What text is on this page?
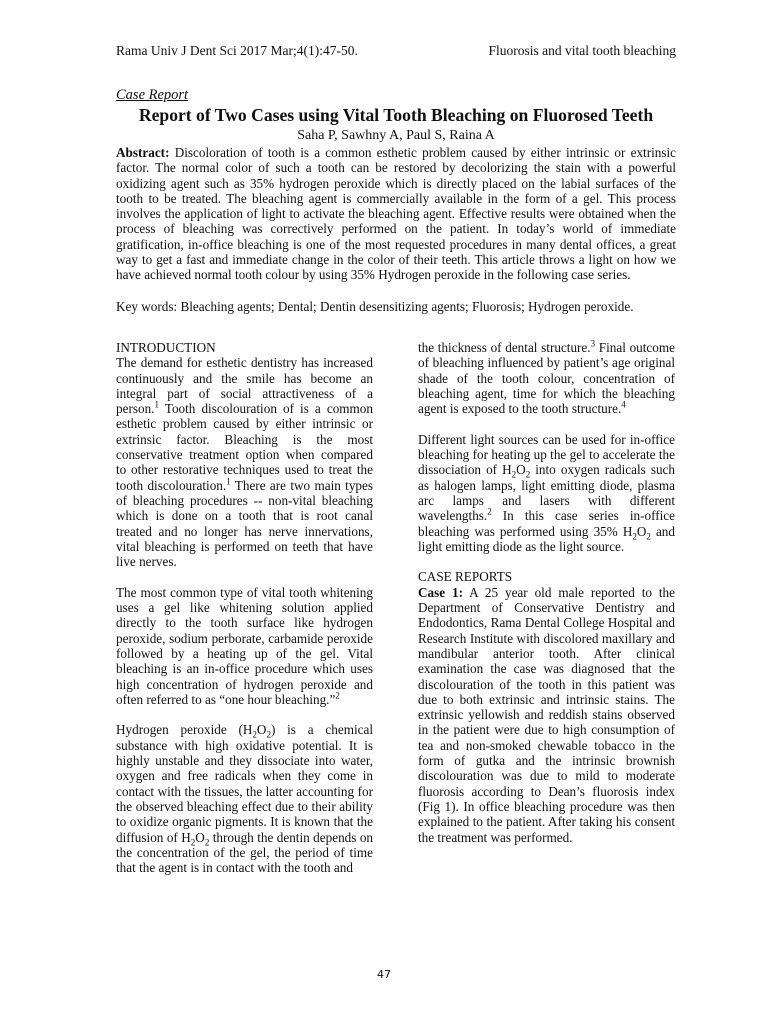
Rama Univ J Dent Sci 2017 Mar;4(1):47-50.	Fluorosis and vital tooth bleaching
Case Report
Report of Two Cases using Vital Tooth Bleaching on Fluorosed Teeth
Saha P, Sawhny A, Paul S, Raina A
Abstract: Discoloration of tooth is a common esthetic problem caused by either intrinsic or extrinsic factor. The normal color of such a tooth can be restored by decolorizing the stain with a powerful oxidizing agent such as 35% hydrogen peroxide which is directly placed on the labial surfaces of the tooth to be treated. The bleaching agent is commercially available in the form of a gel. This process involves the application of light to activate the bleaching agent. Effective results were obtained when the process of bleaching was correctively performed on the patient. In today’s world of immediate gratification, in-office bleaching is one of the most requested procedures in many dental offices, a great way to get a fast and immediate change in the color of their teeth. This article throws a light on how we have achieved normal tooth colour by using 35% Hydrogen peroxide in the following case series.
Key words: Bleaching agents; Dental; Dentin desensitizing agents; Fluorosis; Hydrogen peroxide.

INTRODUCTION
The demand for esthetic dentistry has increased continuously and the smile has become an integral part of social attractiveness of a person.$^1$ Tooth discolouration of is a common esthetic problem caused by either intrinsic or extrinsic factor. Bleaching is the most conservative treatment option when compared to other restorative techniques used to treat the tooth discolouration.$^1$ There are two main types of bleaching procedures -- non-vital bleaching which is done on a tooth that is root canal treated and no longer has nerve innervations, vital bleaching is performed on teeth that have live nerves.

The most common type of vital tooth whitening uses a gel like whitening solution applied directly to the tooth surface like hydrogen peroxide, sodium perborate, carbamide peroxide followed by a heating up of the gel. Vital bleaching is an in-office procedure which uses high concentration of hydrogen peroxide and often referred to as “one hour bleaching.”$^2$

Hydrogen peroxide $(H_2O_2)$ is a chemical substance with high oxidative potential. It is highly unstable and they dissociate into water, oxygen and free radicals when they come in contact with the tissues, the latter accounting for the observed bleaching effect due to their ability to oxidize organic pigments. It is known that the diffusion of $H_2O_2$ through the dentin depends on the concentration of the gel, the period of time that the agent is in contact with the tooth and

the thickness of dental structure.$^3$ Final outcome of bleaching influenced by patient’s age original shade of the tooth colour, concentration of bleaching agent, time for which the bleaching agent is exposed to the tooth structure.$^4$

Different light sources can be used for in-office bleaching for heating up the gel to accelerate the dissociation of $H_2O_2$ into oxygen radicals such as halogen lamps, light emitting diode, plasma arc lamps and lasers with different wavelengths.$^2$ In this case series in-office bleaching was performed using 35% $H_2O_2$ and light emitting diode as the light source.

CASE REPORTS
Case 1: A 25 year old male reported to the Department of Conservative Dentistry and Endodontics, Rama Dental College Hospital and Research Institute with discolored maxillary and mandibular anterior tooth. After clinical examination the case was diagnosed that the discolouration of the tooth in this patient was due to both extrinsic and intrinsic stains. The extrinsic yellowish and reddish stains observed in the patient were due to high consumption of tea and non-smoked chewable tobacco in the form of gutka and the intrinsic brownish discolouration was due to mild to moderate fluorosis according to Dean’s fluorosis index (Fig 1). In office bleaching procedure was then explained to the patient. After taking his consent the treatment was performed.

47
